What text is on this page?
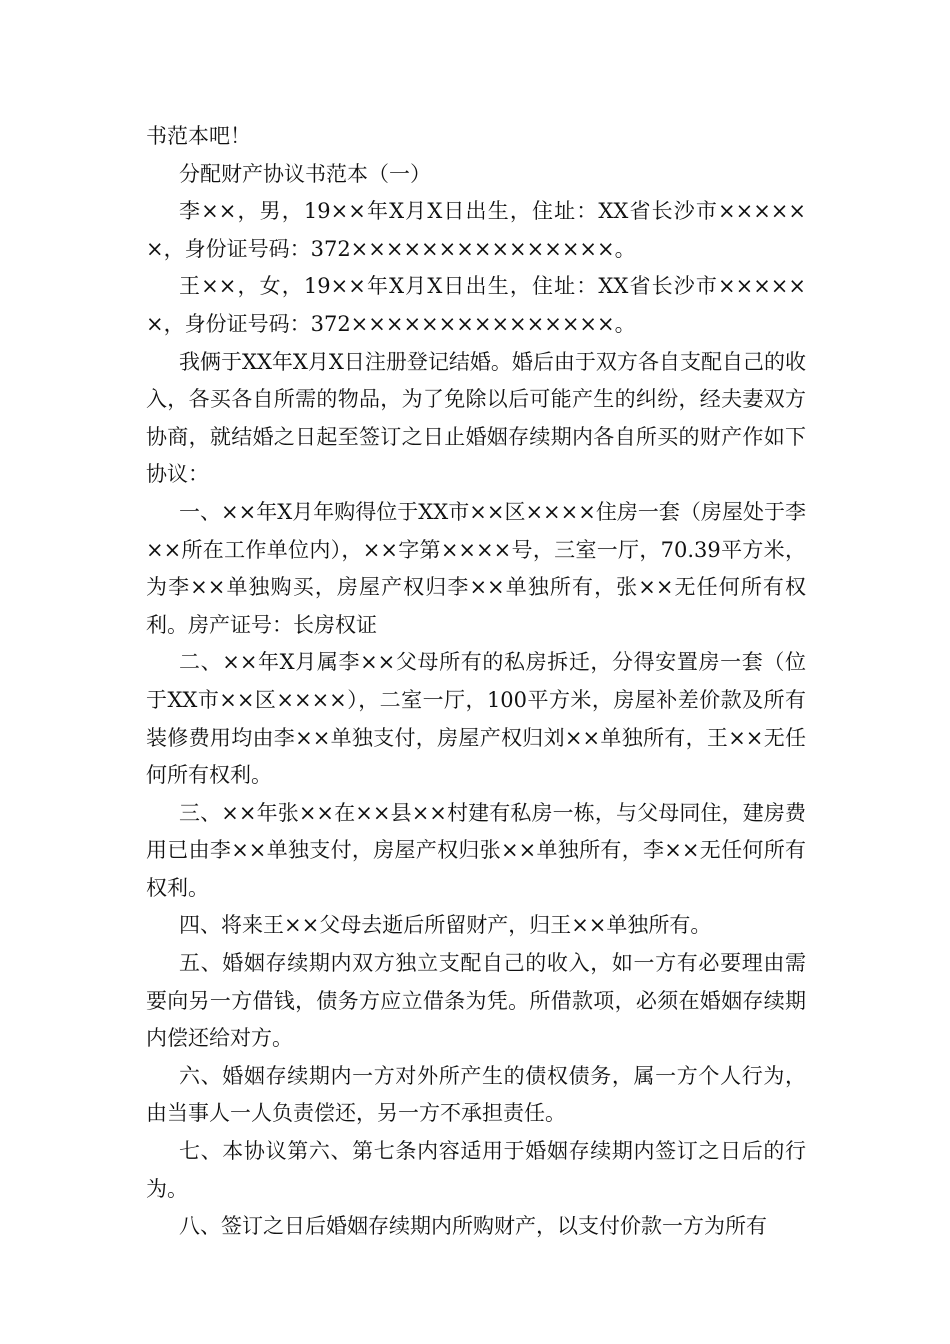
书范本吧！

分配财产协议书范本（一）

李××，男，19××年X月X日出生，住址：XX省长沙市××××××，身份证号码：372×××××××××××××××。

王××，女，19××年X月X日出生，住址：XX省长沙市××××××，身份证号码：372×××××××××××××××。

我俩于XX年X月X日注册登记结婚。婚后由于双方各自支配自己的收入，各买各自所需的物品，为了免除以后可能产生的纠纷，经夫妻双方协商，就结婚之日起至签订之日止婚姻存续期内各自所买的财产作如下协议：

一、××年X月年购得位于XX市××区××××住房一套（房屋处于李××所在工作单位内），××字第××××号，三室一厅，70.39平方米，为李××单独购买，房屋产权归李××单独所有，张××无任何所有权利。房产证号：长房权证

二、××年X月属李××父母所有的私房拆迁，分得安置房一套（位于XX市××区××××），二室一厅，100平方米，房屋补差价款及所有装修费用均由李××单独支付，房屋产权归刘××单独所有，王××无任何所有权利。

三、××年张××在××县××村建有私房一栋，与父母同住，建房费用已由李××单独支付，房屋产权归张××单独所有，李××无任何所有权利。

四、将来王××父母去逝后所留财产，归王××单独所有。

五、婚姻存续期内双方独立支配自己的收入，如一方有必要理由需要向另一方借钱，债务方应立借条为凭。所借款项，必须在婚姻存续期内偿还给对方。

六、婚姻存续期内一方对外所产生的债权债务，属一方个人行为，由当事人一人负责偿还，另一方不承担责任。

七、本协议第六、第七条内容适用于婚姻存续期内签订之日后的行为。

八、签订之日后婚姻存续期内所购财产，以支付价款一方为所有
